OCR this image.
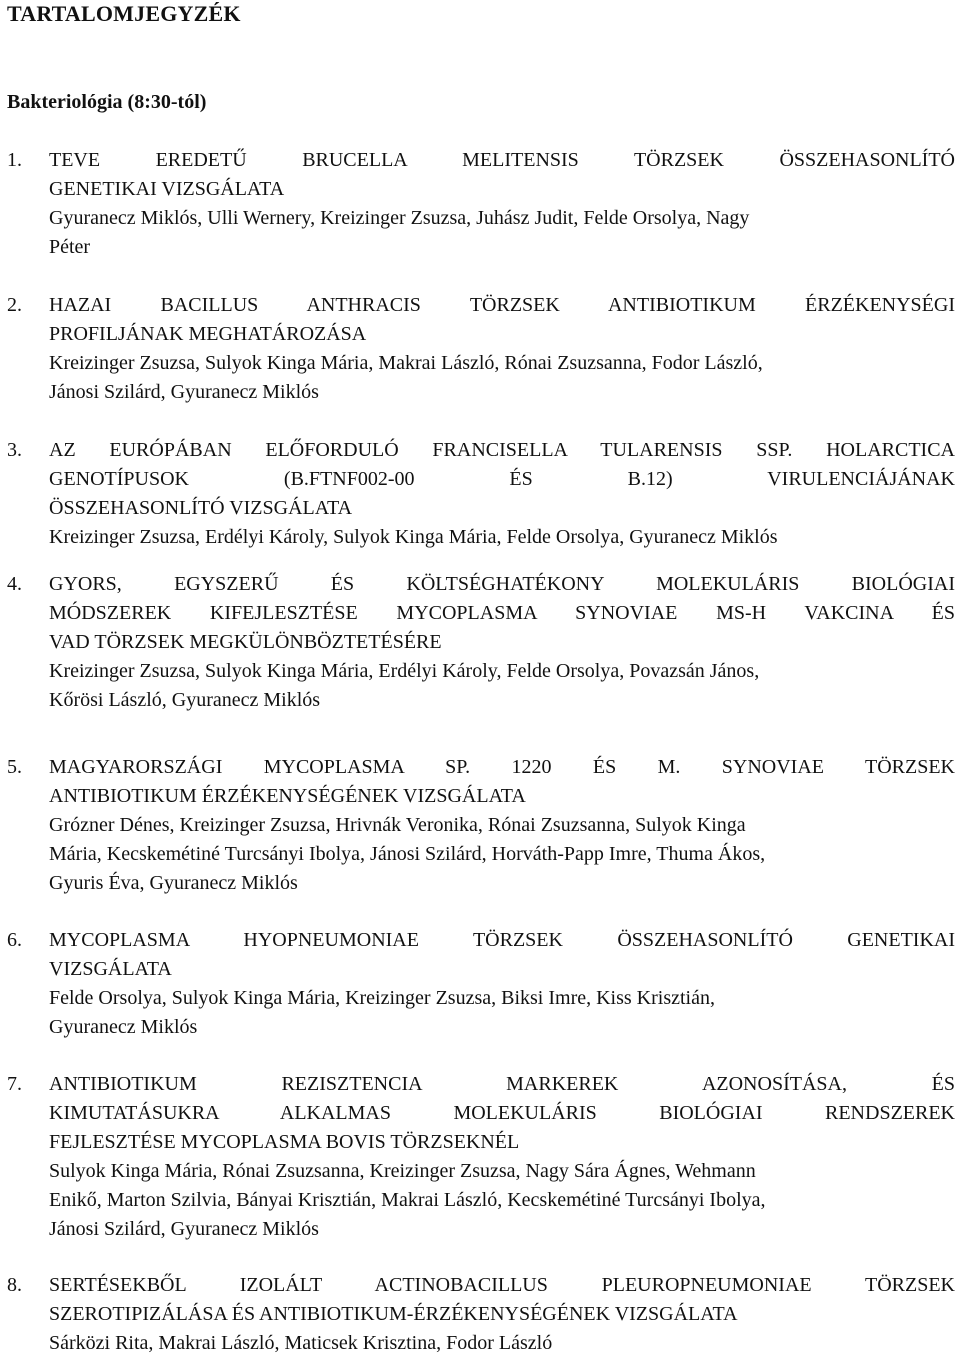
TARTALOMJEGYZÉK
Bakteriológia (8:30-tól)
1. TEVE EREDETŰ BRUCELLA MELITENSIS TÖRZSEK ÖSSZEHASONLÍTÓ
GENETIKAI VIZSGÁLATA
Gyuranecz Miklós, Ulli Wernery, Kreizinger Zsuzsa, Juhász Judit, Felde Orsolya, Nagy
Péter
2. HAZAI BACILLUS ANTHRACIS TÖRZSEK ANTIBIOTIKUM ÉRZÉKENYSÉGI
PROFILJÁNAK MEGHATÁROZÁSA
Kreizinger Zsuzsa, Sulyok Kinga Mária, Makrai László, Rónai Zsuzsanna, Fodor László,
Jánosi Szilárd, Gyuranecz Miklós
3. AZ EURÓPÁBAN ELŐFORDULÓ FRANCISELLA TULARENSIS SSP. HOLARCTICA
GENOTÍPUSOK (B.FTNF002-00 ÉS B.12) VIRULENCIÁJÁNAK
ÖSSZEHASONLÍTÓ VIZSGÁLATA
Kreizinger Zsuzsa, Erdélyi Károly, Sulyok Kinga Mária, Felde Orsolya, Gyuranecz Miklós
4. GYORS, EGYSZERŰ ÉS KÖLTSÉGHATÉKONY MOLEKULÁRIS BIOLÓGIAI
MÓDSZEREK KIFEJLESZTÉSE MYCOPLASMA SYNOVIAE MS-H VAKCINA ÉS
VAD TÖRZSEK MEGKÜLÖNBÖZTETÉSÉRE
Kreizinger Zsuzsa, Sulyok Kinga Mária, Erdélyi Károly, Felde Orsolya, Povazsán János,
Kőrösi László, Gyuranecz Miklós
5. MAGYARORSZÁGI MYCOPLASMA SP. 1220 ÉS M. SYNOVIAE TÖRZSEK
ANTIBIOTIKUM ÉRZÉKENYSÉGÉNEK VIZSGÁLATA
Grózner Dénes, Kreizinger Zsuzsa, Hrivnák Veronika, Rónai Zsuzsanna, Sulyok Kinga
Mária, Kecskemétiné Turcsányi Ibolya, Jánosi Szilárd, Horváth-Papp Imre, Thuma Ákos,
Gyuris Éva, Gyuranecz Miklós
6. MYCOPLASMA HYOPNEUMONIAE TÖRZSEK ÖSSZEHASONLÍTÓ GENETIKAI
VIZSGÁLATA
Felde Orsolya, Sulyok Kinga Mária, Kreizinger Zsuzsa, Biksi Imre, Kiss Krisztián,
Gyuranecz Miklós
7. ANTIBIOTIKUM REZISZTENCIA MARKEREK AZONOSÍTÁSA, ÉS
KIMUTATÁSUKRA ALKALMAS MOLEKULÁRIS BIOLÓGIAI RENDSZEREK
FEJLESZTÉSE MYCOPLASMA BOVIS TÖRZSEKNÉL
Sulyok Kinga Mária, Rónai Zsuzsanna, Kreizinger Zsuzsa, Nagy Sára Ágnes, Wehmann
Enikő, Marton Szilvia, Bányai Krisztián, Makrai László, Kecskemétiné Turcsányi Ibolya,
Jánosi Szilárd, Gyuranecz Miklós
8. SERTÉSEKBŐL IZOLÁLT ACTINOBACILLUS PLEUROPNEUMONIAE TÖRZSEK
SZEROTIPIZÁLÁSA ÉS ANTIBIOTIKUM-ÉRZÉKENYSÉGÉNEK VIZSGÁLATA
Sárközi Rita, Makrai László, Maticsek Krisztina, Fodor László
